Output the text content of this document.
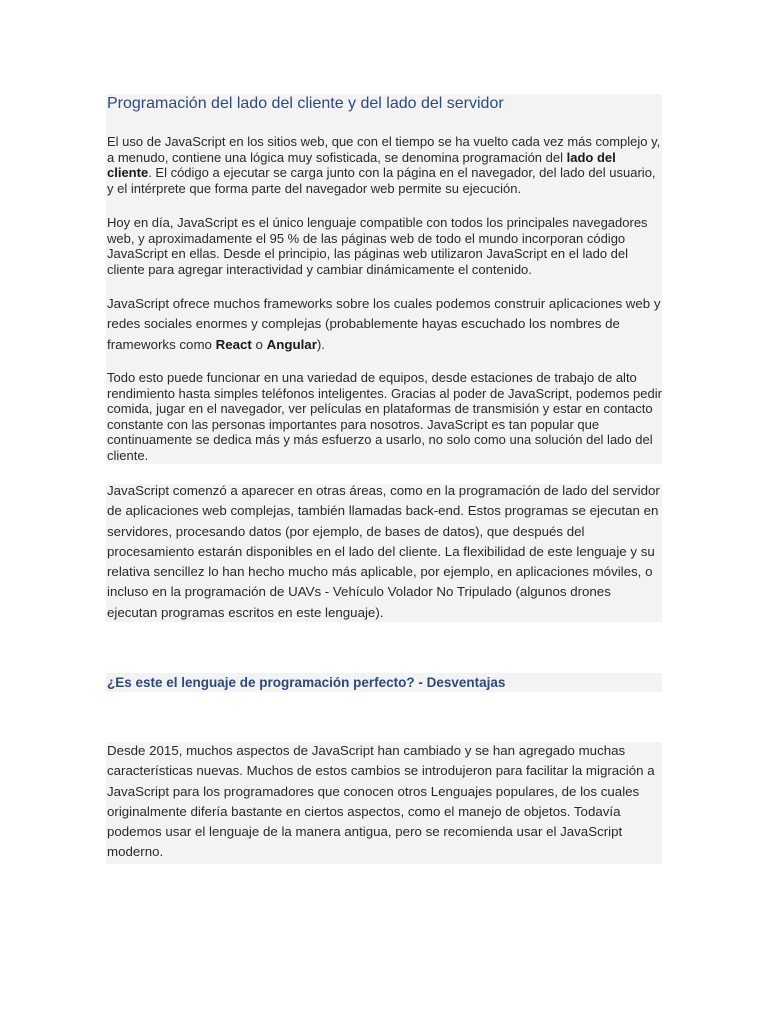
Programación del lado del cliente y del lado del servidor

El uso de JavaScript en los sitios web, que con el tiempo se ha vuelto cada vez más complejo y, a menudo, contiene una lógica muy sofisticada, se denomina programación del lado del cliente. El código a ejecutar se carga junto con la página en el navegador, del lado del usuario, y el intérprete que forma parte del navegador web permite su ejecución.

Hoy en día, JavaScript es el único lenguaje compatible con todos los principales navegadores web, y aproximadamente el 95 % de las páginas web de todo el mundo incorporan código JavaScript en ellas. Desde el principio, las páginas web utilizaron JavaScript en el lado del cliente para agregar interactividad y cambiar dinámicamente el contenido.

JavaScript ofrece muchos frameworks sobre los cuales podemos construir aplicaciones web y redes sociales enormes y complejas (probablemente hayas escuchado los nombres de frameworks como React o Angular).

Todo esto puede funcionar en una variedad de equipos, desde estaciones de trabajo de alto rendimiento hasta simples teléfonos inteligentes. Gracias al poder de JavaScript, podemos pedir comida, jugar en el navegador, ver películas en plataformas de transmisión y estar en contacto constante con las personas importantes para nosotros. JavaScript es tan popular que continuamente se dedica más y más esfuerzo a usarlo, no solo como una solución del lado del cliente.

JavaScript comenzó a aparecer en otras áreas, como en la programación de lado del servidor de aplicaciones web complejas, también llamadas back-end. Estos programas se ejecutan en servidores, procesando datos (por ejemplo, de bases de datos), que después del procesamiento estarán disponibles en el lado del cliente. La flexibilidad de este lenguaje y su relativa sencillez lo han hecho mucho más aplicable, por ejemplo, en aplicaciones móviles, o incluso en la programación de UAVs - Vehículo Volador No Tripulado (algunos drones ejecutan programas escritos en este lenguaje).

¿Es este el lenguaje de programación perfecto? - Desventajas

Desde 2015, muchos aspectos de JavaScript han cambiado y se han agregado muchas características nuevas. Muchos de estos cambios se introdujeron para facilitar la migración a JavaScript para los programadores que conocen otros Lenguajes populares, de los cuales originalmente difería bastante en ciertos aspectos, como el manejo de objetos. Todavía podemos usar el lenguaje de la manera antigua, pero se recomienda usar el JavaScript moderno.
